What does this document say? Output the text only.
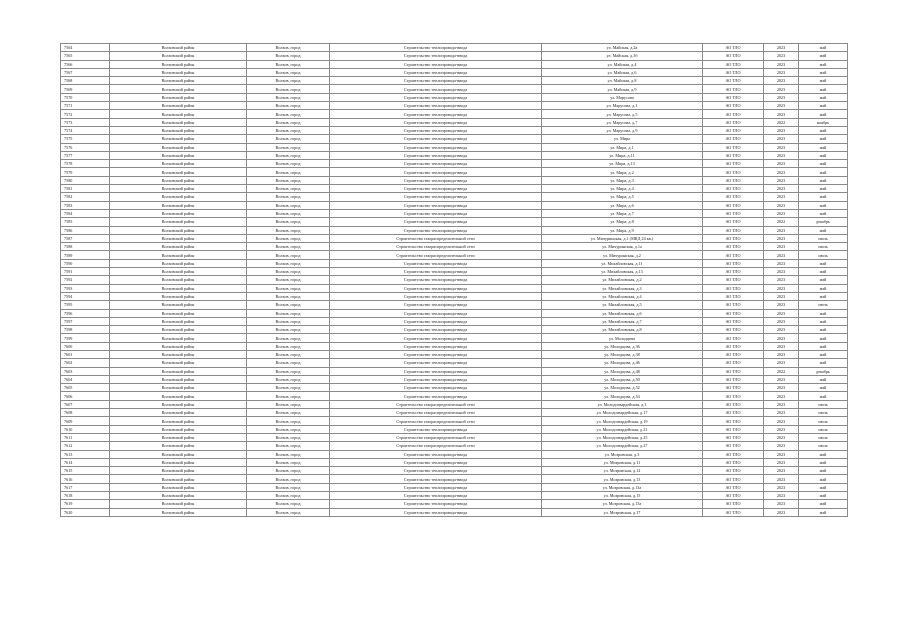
7564	Волховский район	Волхов, город	Строительство теплопровода-ввода	ул. Майская, д.2а	АО ТЛО	2023	май
7565	Волховский район	Волхов, город	Строительство теплопровода-ввода	ул. Майская, д.3б	АО ТЛО	2023	май
7566	Волховский район	Волхов, город	Строительство теплопровода-ввода	ул. Майская, д.4	АО ТЛО	2023	май
7567	Волховский район	Волхов, город	Строительство теплопровода-ввода	ул. Майская, д.6	АО ТЛО	2023	май
7568	Волховский район	Волхов, город	Строительство теплопровода-ввода	ул. Майская, д.8	АО ТЛО	2023	май
7569	Волховский район	Волхов, город	Строительство теплопровода-ввода	ул. Майская, д.9	АО ТЛО	2023	май
7570	Волховский район	Волхов, город	Строительство теплопровода-ввода	ул. Марусова	АО ТЛО	2023	май
7571	Волховский район	Волхов, город	Строительство теплопровода-ввода	ул. Марусова, д.1	АО ТЛО	2023	май
7572	Волховский район	Волхов, город	Строительство теплопровода-ввода	ул. Марусова, д.5	АО ТЛО	2023	май
7573	Волховский район	Волхов, город	Строительство теплопровода-ввода	ул. Марусова, д.7	АО ТЛО	2022	ноябрь
7574	Волховский район	Волхов, город	Строительство теплопровода-ввода	ул. Марусова, д.9	АО ТЛО	2023	май
7575	Волховский район	Волхов, город	Строительство теплопровода-ввода	ул. Мира	АО ТЛО	2023	май
7576	Волховский район	Волхов, город	Строительство теплопровода-ввода	ул. Мира, д.1	АО ТЛО	2023	май
7577	Волховский район	Волхов, город	Строительство теплопровода-ввода	ул. Мира, д.11	АО ТЛО	2023	май
7578	Волховский район	Волхов, город	Строительство теплопровода-ввода	ул. Мира, д.13	АО ТЛО	2023	май
7579	Волховский район	Волхов, город	Строительство теплопровода-ввода	ул. Мира, д.2	АО ТЛО	2023	май
7580	Волховский район	Волхов, город	Строительство теплопровода-ввода	ул. Мира, д.3	АО ТЛО	2023	май
7581	Волховский район	Волхов, город	Строительство теплопровода-ввода	ул. Мира, д.4	АО ТЛО	2023	май
7582	Волховский район	Волхов, город	Строительство теплопровода-ввода	ул. Мира, д.5	АО ТЛО	2023	май
7583	Волховский район	Волхов, город	Строительство теплопровода-ввода	ул. Мира, д.6	АО ТЛО	2023	май
7584	Волховский район	Волхов, город	Строительство теплопровода-ввода	ул. Мира, д.7	АО ТЛО	2023	май
7585	Волховский район	Волхов, город	Строительство теплопровода-ввода	ул. Мира, д.8	АО ТЛО	2022	декабрь
7586	Волховский район	Волхов, город	Строительство теплопровода-ввода	ул. Мира, д.9	АО ТЛО	2023	май
7587	Волховский район	Волхов, город	Строительство газораспределительной сети	ул. Мичуринская, д.1 (МКД 24 кв.)	АО ТЛО	2023	июль
7588	Волховский район	Волхов, город	Строительство газораспределительной сети	ул. Мичуринская, д.1а	АО ТЛО	2023	июль
7589	Волховский район	Волхов, город	Строительство газораспределительной сети	ул. Мичуринская, д.2	АО ТЛО	2023	июль
7590	Волховский район	Волхов, город	Строительство теплопровода-ввода	ул. Михайловская, д.11	АО ТЛО	2023	май
7591	Волховский район	Волхов, город	Строительство теплопровода-ввода	ул. Михайловская, д.13	АО ТЛО	2023	май
7592	Волховский район	Волхов, город	Строительство теплопровода-ввода	ул. Михайловская, д.2	АО ТЛО	2023	май
7593	Волховский район	Волхов, город	Строительство теплопровода-ввода	ул. Михайловская, д.3	АО ТЛО	2023	май
7594	Волховский район	Волхов, город	Строительство теплопровода-ввода	ул. Михайловская, д.4	АО ТЛО	2023	май
7595	Волховский район	Волхов, город	Строительство теплопровода-ввода	ул. Михайловская, д.5	АО ТЛО	2023	июль
7596	Волховский район	Волхов, город	Строительство теплопровода-ввода	ул. Михайловская, д.6	АО ТЛО	2023	май
7597	Волховский район	Волхов, город	Строительство теплопровода-ввода	ул. Михайловская, д.7	АО ТЛО	2023	май
7598	Волховский район	Волхов, город	Строительство теплопровода-ввода	ул. Михайловская, д.8	АО ТЛО	2023	май
7599	Волховский район	Волхов, город	Строительство теплопровода-ввода	ул. Молодцова	АО ТЛО	2023	май
7600	Волховский район	Волхов, город	Строительство теплопровода-ввода	ул. Молодцова, д.36	АО ТЛО	2023	май
7601	Волховский район	Волхов, город	Строительство теплопровода-ввода	ул. Молодцова, д.38	АО ТЛО	2023	май
7602	Волховский район	Волхов, город	Строительство теплопровода-ввода	ул. Молодцова, д.46	АО ТЛО	2023	май
7603	Волховский район	Волхов, город	Строительство теплопровода-ввода	ул. Молодцова, д.48	АО ТЛО	2022	декабрь
7604	Волховский район	Волхов, город	Строительство теплопровода-ввода	ул. Молодцова, д.50	АО ТЛО	2023	май
7605	Волховский район	Волхов, город	Строительство теплопровода-ввода	ул. Молодцова, д.52	АО ТЛО	2023	май
7606	Волховский район	Волхов, город	Строительство теплопровода-ввода	ул. Молодцова, д.54	АО ТЛО	2023	май
7607	Волховский район	Волхов, город	Строительство газораспределительной сети	ул. Молодогвардейская, д.1	АО ТЛО	2023	июль
7608	Волховский район	Волхов, город	Строительство газораспределительной сети	ул. Молодогвардейская, д.17	АО ТЛО	2023	июль
7609	Волховский район	Волхов, город	Строительство газораспределительной сети	ул. Молодогвардейская, д.19	АО ТЛО	2023	июль
7610	Волховский район	Волхов, город	Строительство теплопровода-ввода	ул. Молодогвардейская, д.21	АО ТЛО	2023	июль
7611	Волховский район	Волхов, город	Строительство газораспределительной сети	ул. Молодогвардейская, д.25	АО ТЛО	2023	июль
7612	Волховский район	Волхов, город	Строительство газораспределительной сети	ул. Молодогвардейская, д.27	АО ТЛО	2023	июль
7613	Волховский район	Волхов, город	Строительство теплопровода-ввода	ул. Мозровская, д.3	АО ТЛО	2023	май
7614	Волховский район	Волхов, город	Строительство теплопровода-ввода	ул. Мозровская, д.11	АО ТЛО	2023	май
7615	Волховский район	Волхов, город	Строительство теплопровода-ввода	ул. Мозровская, д.12	АО ТЛО	2023	май
7616	Волховский район	Волхов, город	Строительство теплопровода-ввода	ул. Мозровская, д.13	АО ТЛО	2023	май
7617	Волховский район	Волхов, город	Строительство теплопровода-ввода	ул. Мозровская, д.13а	АО ТЛО	2023	май
7618	Волховский район	Волхов, город	Строительство теплопровода-ввода	ул. Мозровская, д.15	АО ТЛО	2023	май
7619	Волховский район	Волхов, город	Строительство теплопровода-ввода	ул. Мозровская, д.15а	АО ТЛО	2023	май
7620	Волховский район	Волхов, город	Строительство теплопровода-ввода	ул. Мозровская, д.17	АО ТЛО	2023	май
